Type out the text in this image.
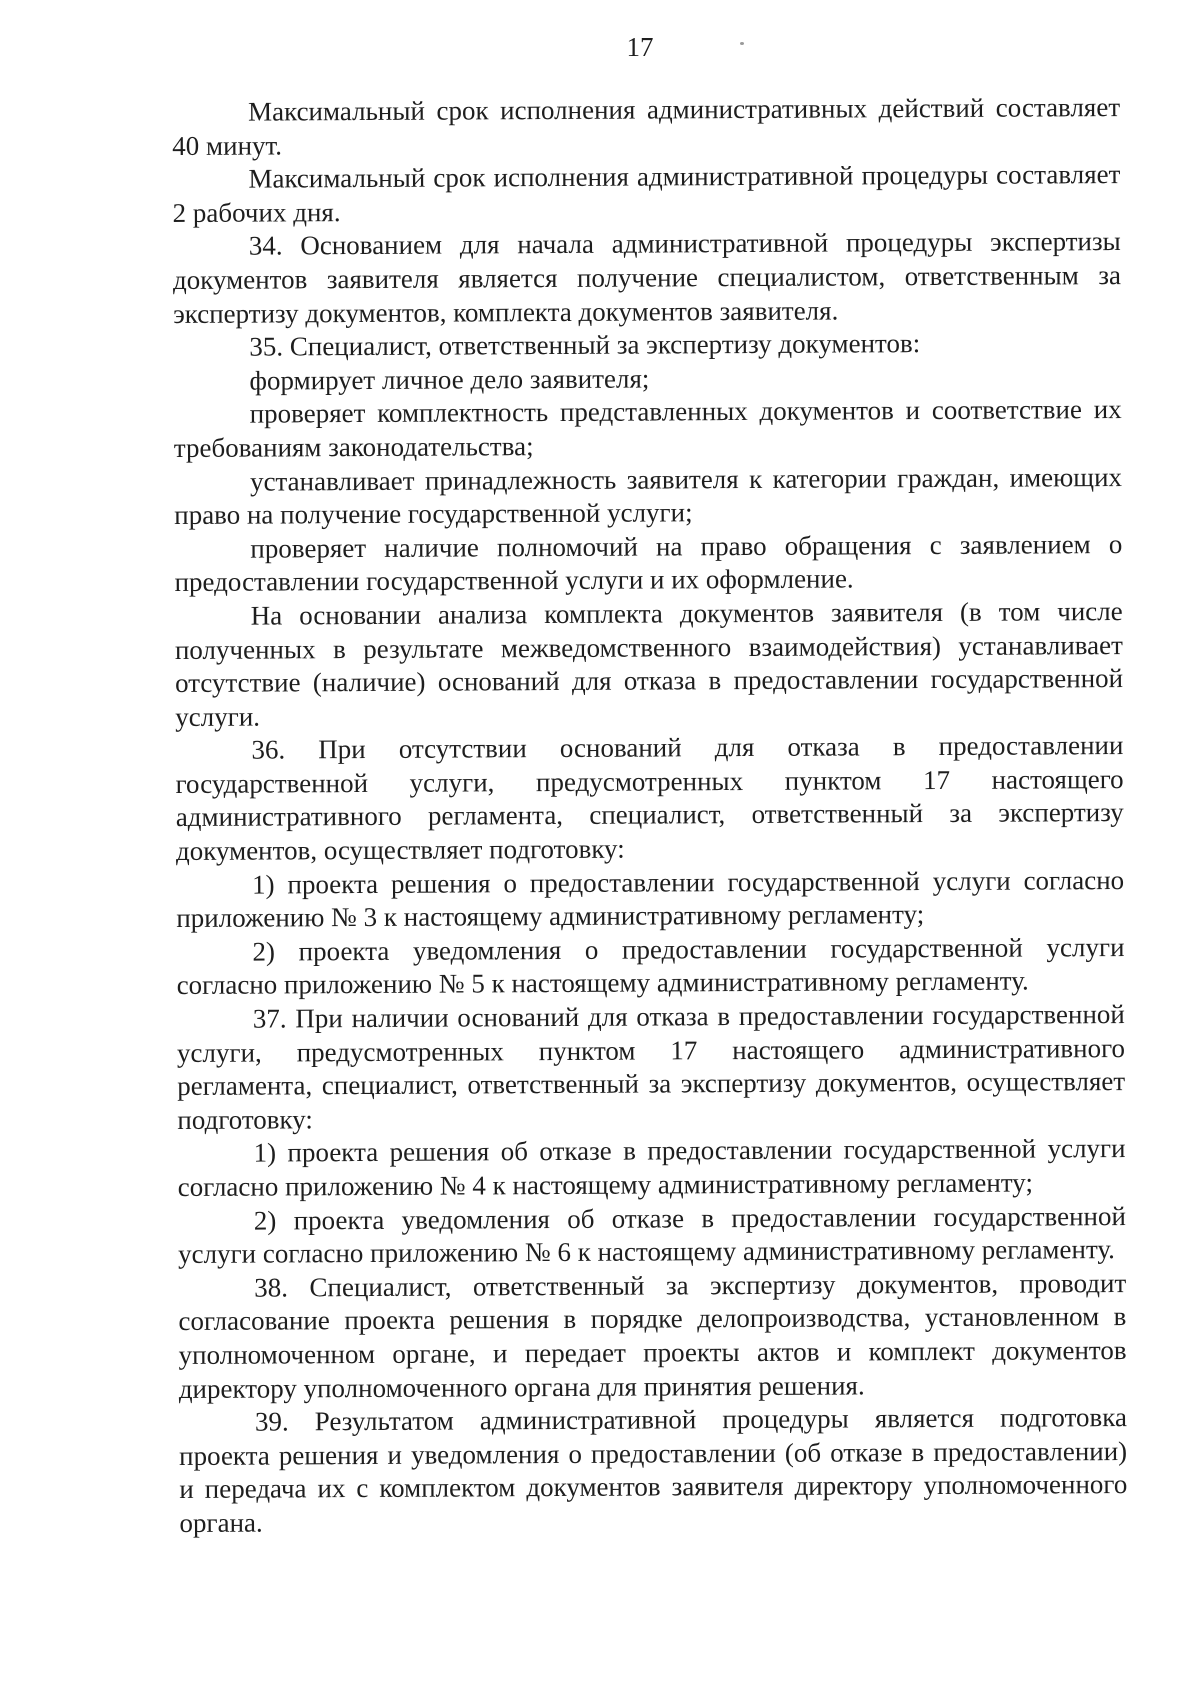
17

Максимальный срок исполнения административных действий составляет 40 минут.

Максимальный срок исполнения административной процедуры составляет 2 рабочих дня.

34. Основанием для начала административной процедуры экспертизы документов заявителя является получение специалистом, ответственным за экспертизу документов, комплекта документов заявителя.

35. Специалист, ответственный за экспертизу документов:

формирует личное дело заявителя;

проверяет комплектность представленных документов и соответствие их требованиям законодательства;

устанавливает принадлежность заявителя к категории граждан, имеющих право на получение государственной услуги;

проверяет наличие полномочий на право обращения с заявлением о предоставлении государственной услуги и их оформление.

На основании анализа комплекта документов заявителя (в том числе полученных в результате межведомственного взаимодействия) устанавливает отсутствие (наличие) оснований для отказа в предоставлении государственной услуги.

36. При отсутствии оснований для отказа в предоставлении государственной услуги, предусмотренных пунктом 17 настоящего административного регламента, специалист, ответственный за экспертизу документов, осуществляет подготовку:

1) проекта решения о предоставлении государственной услуги согласно приложению № 3 к настоящему административному регламенту;

2) проекта уведомления о предоставлении государственной услуги согласно приложению № 5 к настоящему административному регламенту.

37. При наличии оснований для отказа в предоставлении государственной услуги, предусмотренных пунктом 17 настоящего административного регламента, специалист, ответственный за экспертизу документов, осуществляет подготовку:

1) проекта решения об отказе в предоставлении государственной услуги согласно приложению № 4 к настоящему административному регламенту;

2) проекта уведомления об отказе в предоставлении государственной услуги согласно приложению № 6 к настоящему административному регламенту.

38. Специалист, ответственный за экспертизу документов, проводит согласование проекта решения в порядке делопроизводства, установленном в уполномоченном органе, и передает проекты актов и комплект документов директору уполномоченного органа для принятия решения.

39. Результатом административной процедуры является подготовка проекта решения и уведомления о предоставлении (об отказе в предоставлении) и передача их с комплектом документов заявителя директору уполномоченного органа.
